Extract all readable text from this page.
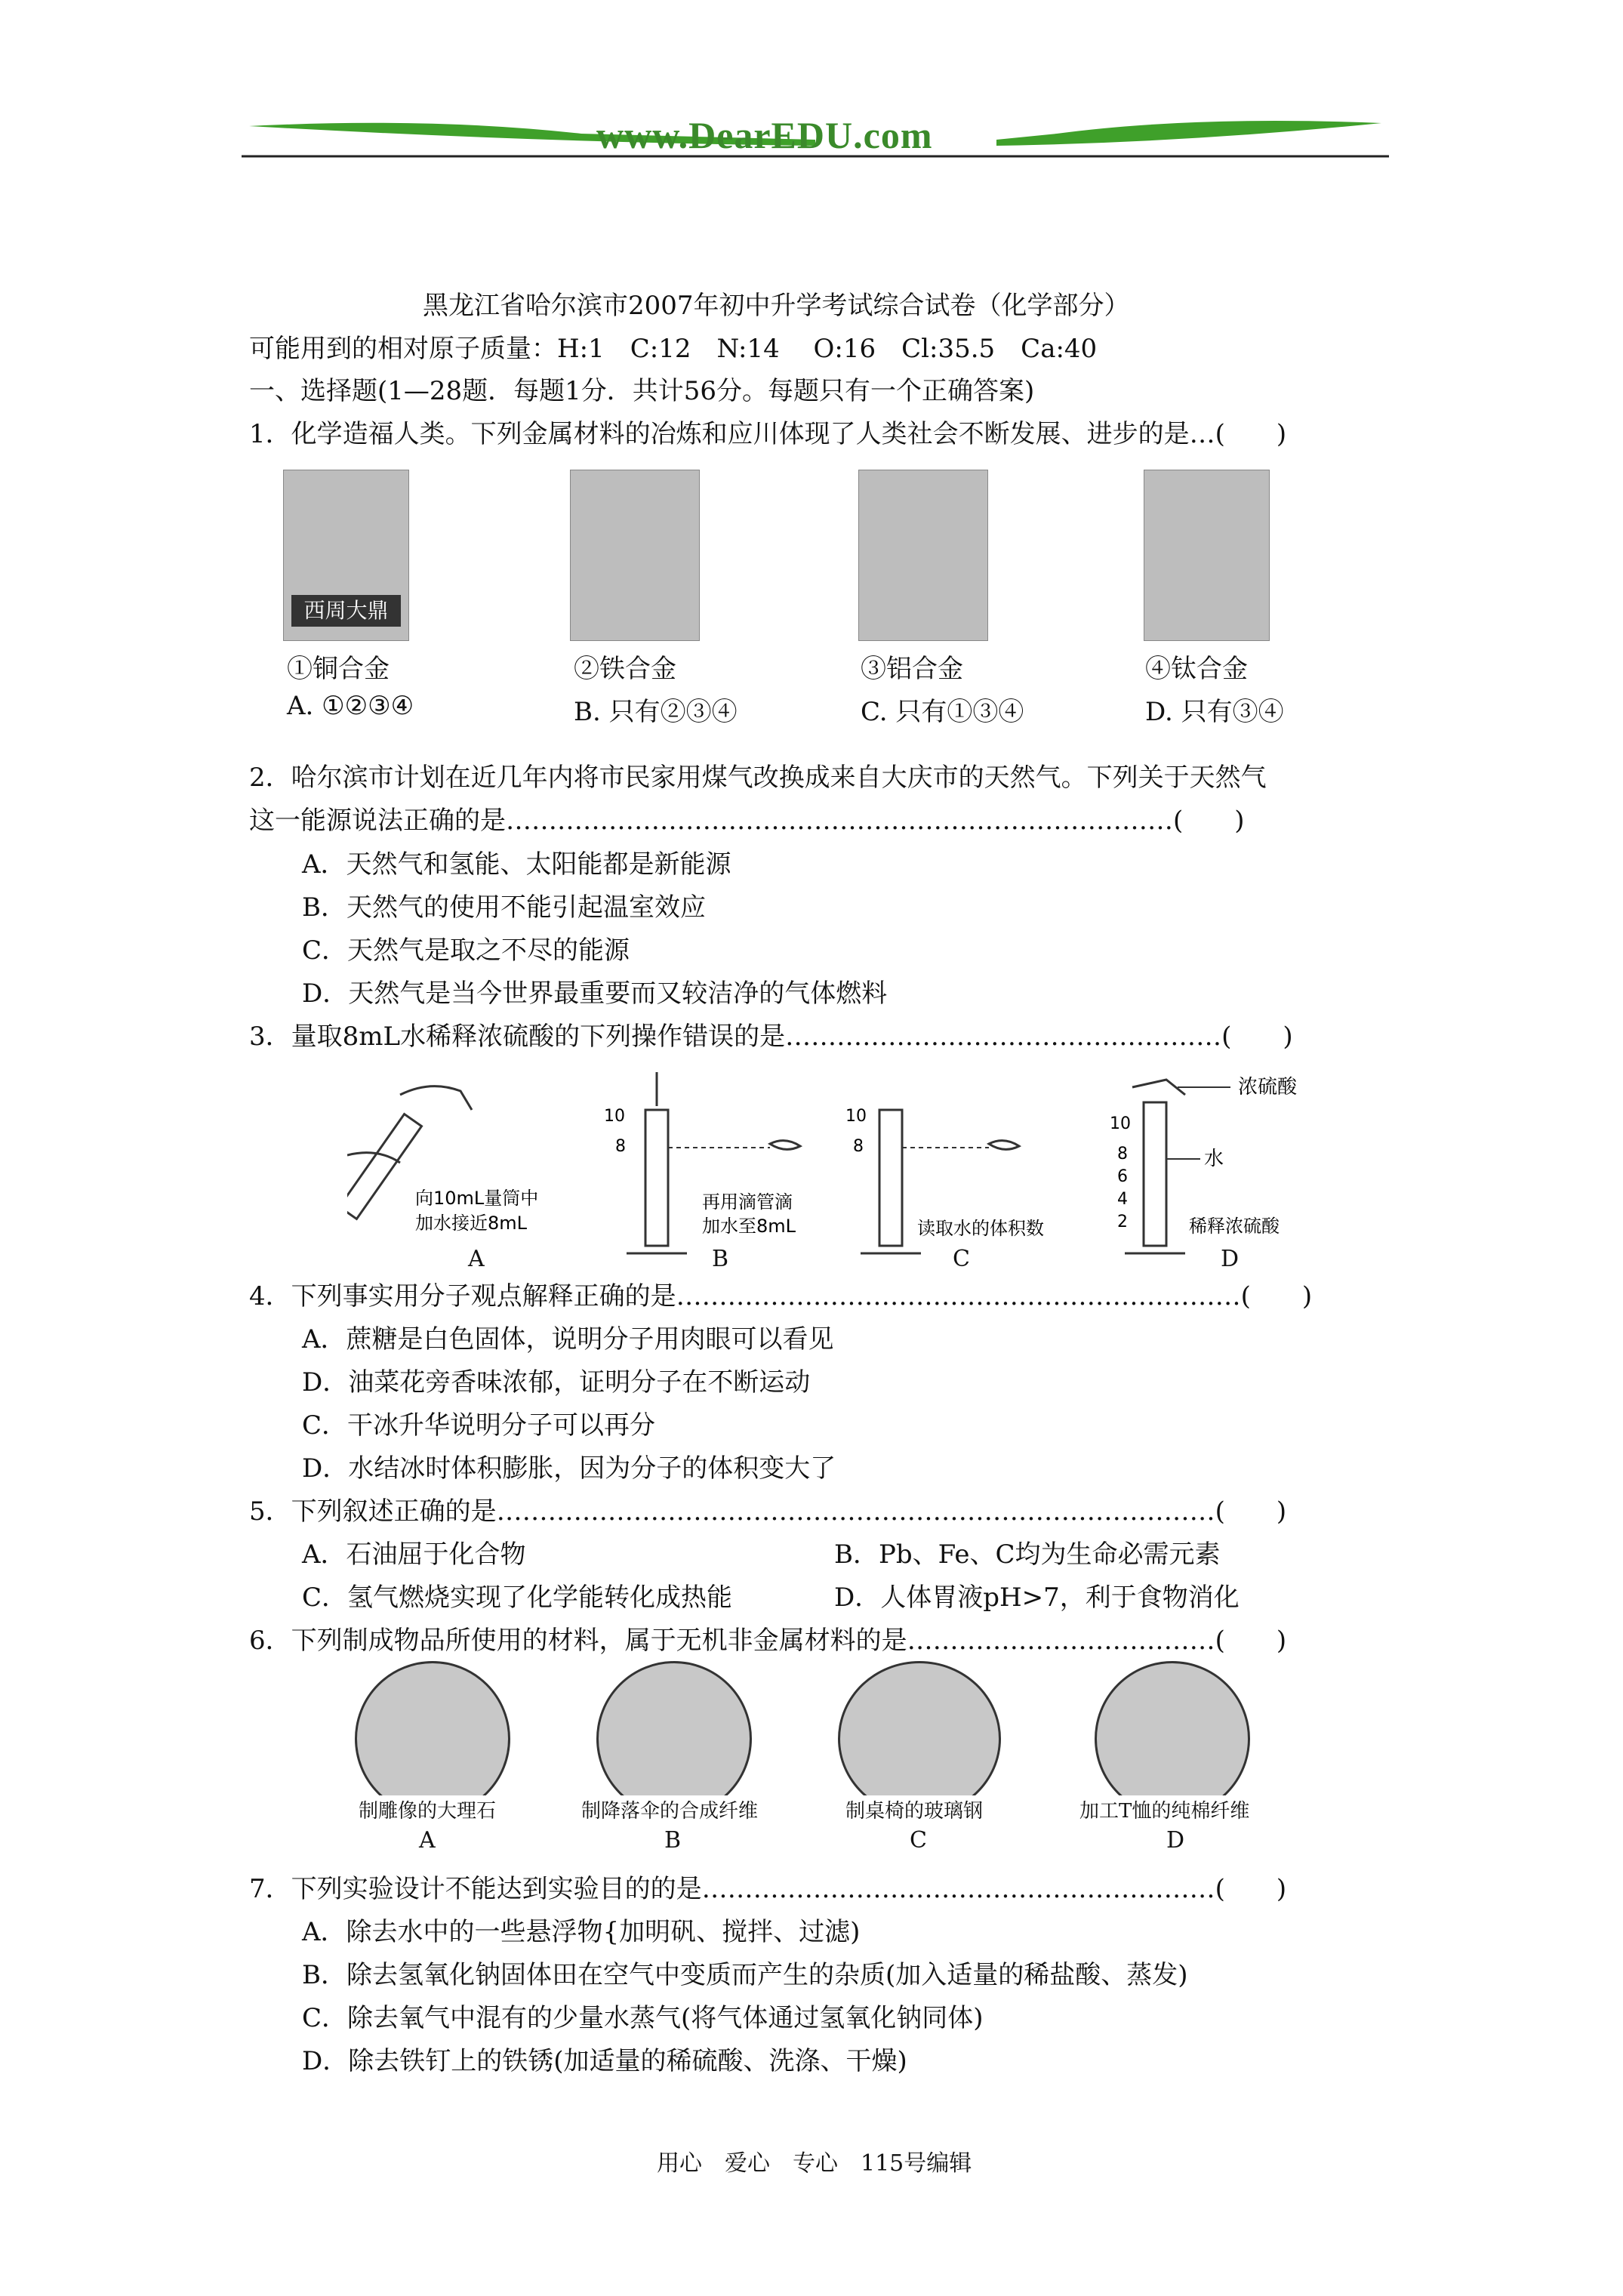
www.DearEDU.com
黑龙江省哈尔滨市2007年初中升学考试综合试卷（化学部分）
可能用到的相对原子质量：H:1　C:12　N:14　 O:16　Cl:35.5　Ca:40
一、选择题(1—28题．每题1分．共计56分。每题只有一个正确答案)
1．化学造福人类。下列金属材料的冶炼和应川体现了人类社会不断发展、进步的是…(　　)
西周大鼎
①铜合金	②铁合金	③铝合金	④钛合金
A. ①②③④	B. 只有②③④	C. 只有①③④	D. 只有③④
2．哈尔滨市计划在近几年内将市民家用煤气改换成来自大庆市的天然气。下列关于天然气
这一能源说法正确的是……………………………………………………………………(　　)
A．天然气和氢能、太阳能都是新能源
B．天然气的使用不能引起温室效应
C．天然气是取之不尽的能源
D．天然气是当今世界最重要而又较洁净的气体燃料
3．量取8mL水稀释浓硫酸的下列操作错误的是……………………………………………(　　)
10
8
10
8
10
8
6
4
2
向10mL量筒中
加水接近8mL
再用滴管滴
加水至8mL	读取水的体积数
浓硫酸
水
稀释浓硫酸
A	B	C	D
4．下列事实用分子观点解释正确的是…………………………………………………………(　　)
A．蔗糖是白色固体，说明分子用肉眼可以看见
D．油菜花旁香味浓郁，证明分子在不断运动
C．干冰升华说明分子可以再分
D．水结冰时体积膨胀，因为分子的体积变大了
5．下列叙述正确的是…………………………………………………………………………(　　)
A．石油屈于化合物	B．Pb、Fe、C均为生命必需元素
C．氢气燃烧实现了化学能转化成热能	D．人体胃液pH>7，利于食物消化
6．下列制成物品所使用的材料，属于无机非金属材料的是………………………………(　　)
制雕像的大理石	制降落伞的合成纤维	制桌椅的玻璃钢	加工T恤的纯棉纤维
A	B	C	D
7．下列实验设计不能达到实验目的的是……………………………………………………(　　)
A．除去水中的一些悬浮物{加明矾、搅拌、过滤)
B．除去氢氧化钠固体田在空气中变质而产生的杂质(加入适量的稀盐酸、蒸发)
C．除去氧气中混有的少量水蒸气(将气体通过氢氧化钠同体)
D．除去铁钉上的铁锈(加适量的稀硫酸、洗涤、干燥)
用心　爱心　专心　115号编辑
